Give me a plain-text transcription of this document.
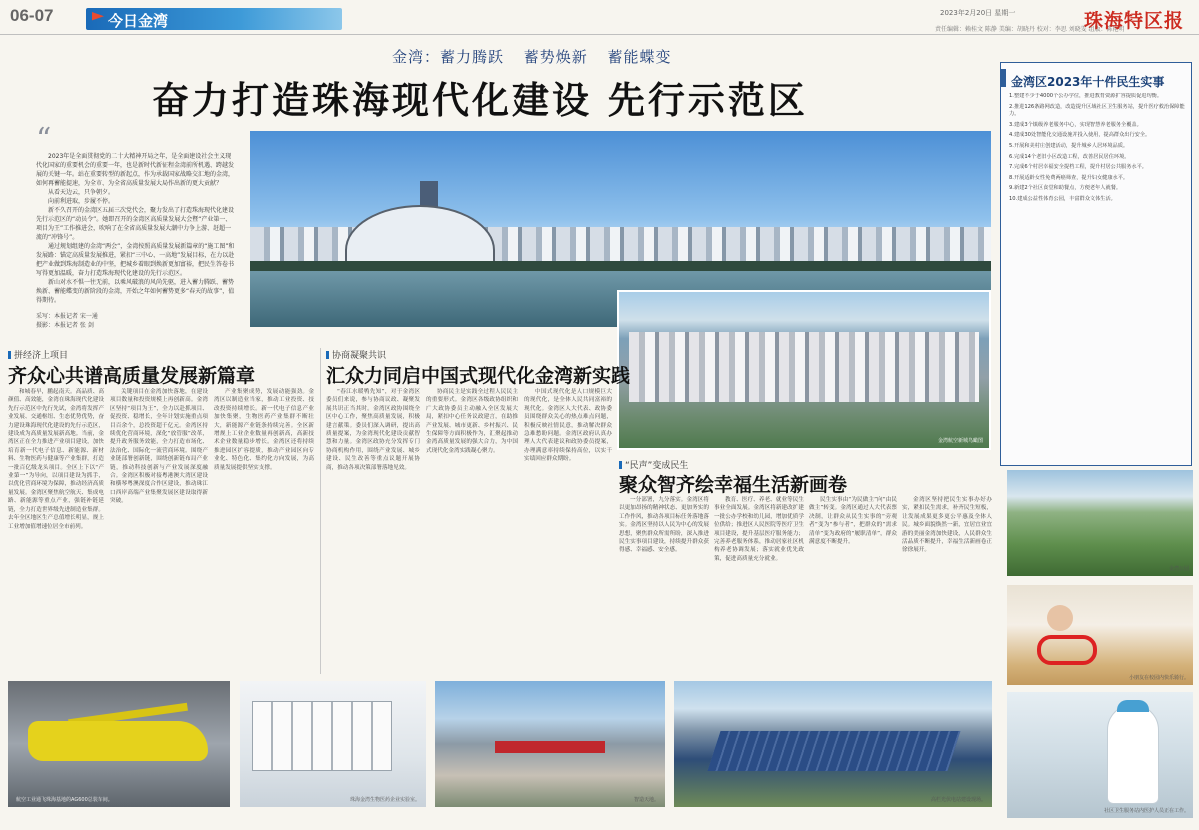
06-07	今日金湾	2023年2月20日 星期一
责任编辑：赖桂文 陈静 美编：胡晓丹 校对：李思 刘晓雯 组版：陈艳明
珠海特区报
金湾：蓄力腾跃 蓄势焕新 蓄能蝶变
奋力打造珠海现代化建设 先行示范区
“

2023年是全面贯彻党的二十大精神开局之年，是全面建设社会主义现代化国家的重要机会的重要一年，也是新时代新征程金湾前所机遇、跨越发展的关键一年。站在重要转型的新起点，作为承载国家战略交汇地的金湾，如何再蓄能提速，为全市、为全省高质量发展大局作出新的更大贡献？

从看天边云，只争朝夕。

向前利进取，步履不停。

新不久召开的金湾区五届三次党代会，聚力发出了打造珠海现代化建设先行示范区的“动员令”。她即召开的金湾区高质量发展大会暨“产业第一、项目为王”工作推进会，吹响了在全省高质量发展大潮中力争上游、赶超一流的“冲锋号”。

通过规划组建的金湾“两会”，金湾按照高质量发展新篇章的“施工图”和发展路：锚定高质量发展推进，紧扣“三中心、一高地”发展目标，在力以赴把产业做到珠海制造业的中坚，把城乡着眼到焕新更加富裕，把民生答卷书写得更加温暖，奋力打造珠海现代化建设的先行示范区。

新山对水不惧一往无前，以乘风破浪的风尚先驱，进入蓄力腾跃、蓄势焕新、蓄能蝶变的新阶段的金湾，开始之年如何蓄势更多“春天的故事”，值得期待。

采写：本报记者 宋一通
摄影：本报记者 张 剑
金湾航空新城鸟瞰图
拼经济上项目
齐众心共谱高质量发展新篇章
协商凝聚共识
汇众力同启中国式现代化金湾新实践
“民声”变成民生
聚众智齐绘幸福生活新画卷

和城春早，鹏起南天。高品质、高颜值、高效能，金湾在珠海现代化建设先行示范区中先行先试，金湾将发挥产业发展、交通枢纽、生态优势优势，奋力建设珠海现代化建设的先行示范区，建设成为高质量发展新高地。当前，金湾区正在全力推进产业项目建设，加快培育新一代电子信息、新能源、新材料、生物医药与健康等产业集群，打造一批百亿级龙头项目。全区上下以“产业第一”为导向，以项目建设为抓手，以优化营商环境为保障，推动经济高质量发展。金湾区聚焦航空航天、集成电路、新能源等重点产业，强链补链延链，全力打造世界级先进制造业集群。去年全区地区生产总值增长明显，规上工业增加值增速位居全市前列。

关键项目在金湾加快落地，在建设项目数量和投资规模上再创新高。金湾区坚持“项目为王”，全力以赴抓项目、促投资、稳增长，全年计划实施重点项目百余个，总投资超千亿元。金湾区持续优化营商环境，深化“放管服”改革，提升政务服务效能，全力打造市场化、法治化、国际化一流营商环境。围绕产业链部署创新链，围绕创新链布局产业链，推动科技创新与产业发展深度融合。金湾区积极对接粤港澳大湾区建设和横琴粤澳深度合作区建设，推动珠江口西岸高端产业集聚发展区建设取得新突破。

产业集聚成势，发展动能强劲。金湾区以制造业当家，推动工业投资、技改投资持续增长。新一代电子信息产业加快集聚，生物医药产业集群不断壮大，新能源产业链条持续完善。全区新增规上工业企业数量再创新高，高新技术企业数量稳步增长。金湾区还将持续推进园区扩容提质，推动产业园区向专业化、特色化、集约化方向发展，为高质量发展提供坚实支撑。

“春江水暖鸭先知”，对于金湾区委员们来说，参与协商议政、凝聚发展共识正当其时。金湾区政协围绕全区中心工作，聚焦高质量发展，积极建言献策。委员们深入调研，提出高质量提案，为金湾现代化建设贡献智慧和力量。金湾区政协充分发挥专门协商机构作用，围绕产业发展、城乡建设、民生改善等重点议题开展协商，推动各项决策部署落地见效。

协商民主是实践全过程人民民主的重要形式。金湾区各级政协组织和广大政协委员主动融入全区发展大局，紧扣中心任务议政建言，在助推产业发展、城市更新、乡村振兴、民生保障等方面积极作为，汇聚起推动金湾高质量发展的强大合力，为中国式现代化金湾实践凝心聚力。

中国式现代化是人口规模巨大的现代化，是全体人民共同富裕的现代化。金湾区人大代表、政协委员围绕群众关心的热点难点问题，积极反映社情民意，推动解决群众急难愁盼问题。金湾区政府认真办理人大代表建议和政协委员提案，办理满意率持续保持高位，以实干实绩回应群众期盼。

一分部署，九分落实。金湾区将以更加昂扬的精神状态、更加务实的工作作风，推动各项目标任务落地落实。金湾区坚持以人民为中心的发展思想，聚焦群众所需所盼，深入推进民生实事项目建设，持续提升群众获得感、幸福感、安全感。

教育、医疗、养老、就业等民生事业全面发展。金湾区将新建改扩建一批公办学校和幼儿园，增加优质学位供给；推进区人民医院等医疗卫生项目建设，提升基层医疗服务能力；完善养老服务体系，推动居家社区机构养老协调发展；落实就业优先政策，促进高质量充分就业。

民生实事由“为民做主”向“由民做主”转变。金湾区通过人大代表票决制，让群众从民生实事的“旁观者”变为“参与者”，把群众的“需求清单”变为政府的“履职清单”，群众满意度不断提升。

金湾区坚持把民生实事办好办实，紧扣民生需求，补齐民生短板，让发展成果更多更公平惠及全体人民。城乡面貌焕然一新，宜居宜业宜游的美丽金湾加快建设，人民群众生活品质不断提升，幸福生活新画卷正徐徐展开。

金湾区2023年十件民生实事

1.整建不少于4000个公办学位，推进教育资源扩容提质促进均衡。

2.推进126条路网改造，改造提升区域社区卫生服务站，提升医疗救治保障能力。

3.建成3个镇级养老服务中心，实现智慧养老服务全覆盖。

4.建成30处智能化交通设施并投入使用，提高群众出行安全。

5.开展和美村庄创建活动，提升城乡人居环境品质。

6.完成14个老旧小区改造工程，改善居民居住环境。

7.完成6个村居幸福安全提档工程，提升村居公共服务水平。

8.开展适龄女性免费两癌筛查，提升妇女健康水平。

9.新建2个社区食堂和助餐点，方便老年人就餐。

10.建成公益性体育公园，丰富群众文体生活。

金湾公园
小朋友在校园内快乐骑行。
社区卫生服务站内医护人员正在工作。
航空工业通飞珠海基地的AG600总装车间。	珠海金湾生物医药企业实验室。	智造天地。	高栏光伏电站建设现场。
